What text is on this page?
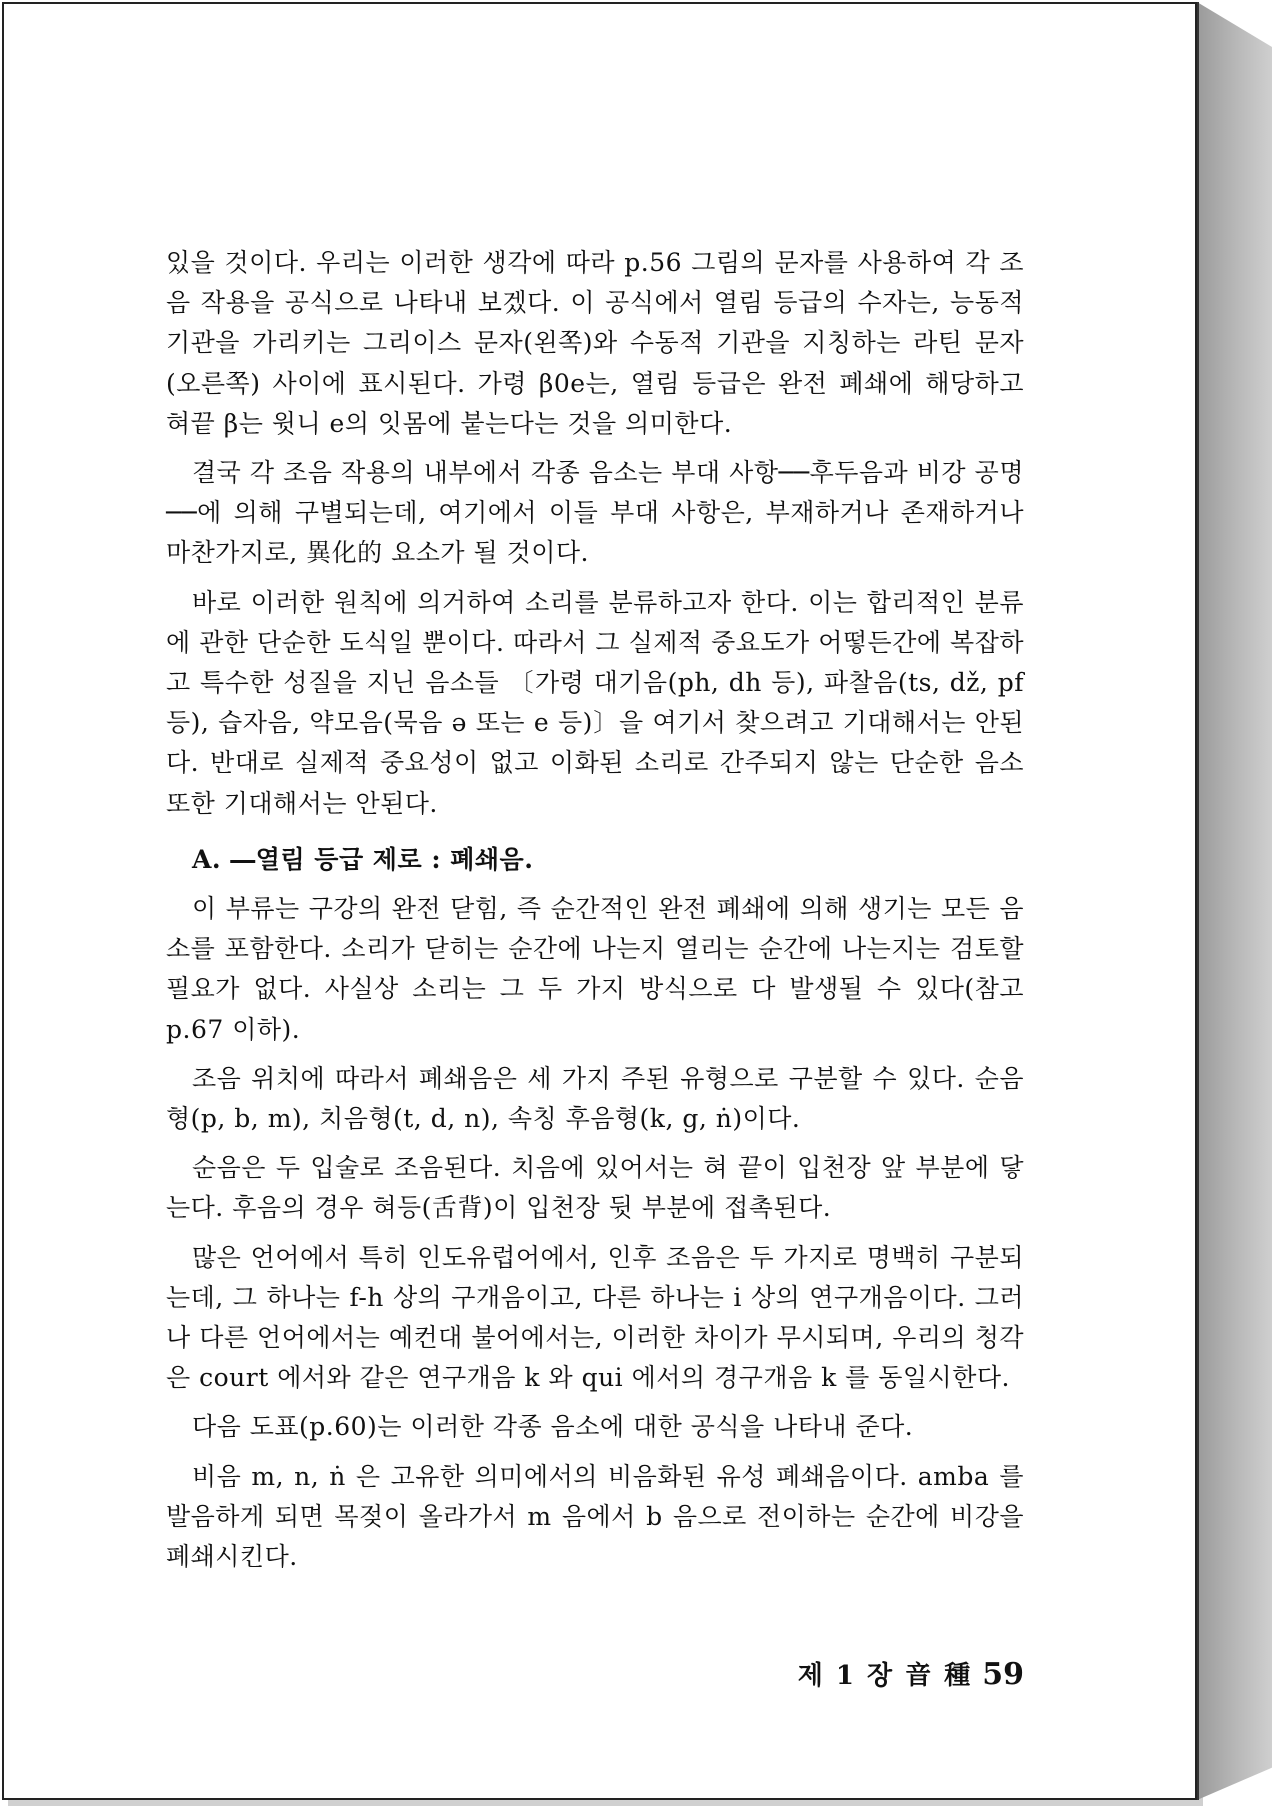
있을 것이다. 우리는 이러한 생각에 따라 p.56 그림의 문자를 사용하여 각 조음 작용을 공식으로 나타내 보겠다. 이 공식에서 열림 등급의 수자는, 능동적 기관을 가리키는 그리이스 문자(왼쪽)와 수동적 기관을 지칭하는 라틴 문자(오른쪽) 사이에 표시된다. 가령 β0e는, 열림 등급은 완전 폐쇄에 해당하고 혀끝 β는 윗니 e의 잇몸에 붙는다는 것을 의미한다.

결국 각 조음 작용의 내부에서 각종 음소는 부대 사항──후두음과 비강 공명──에 의해 구별되는데, 여기에서 이들 부대 사항은, 부재하거나 존재하거나 마찬가지로, 異化的 요소가 될 것이다.

바로 이러한 원칙에 의거하여 소리를 분류하고자 한다. 이는 합리적인 분류에 관한 단순한 도식일 뿐이다. 따라서 그 실제적 중요도가 어떻든간에 복잡하고 특수한 성질을 지닌 음소들 〔가령 대기음(ph, dh 등), 파찰음(ts, dž, pf 등), 습자음, 약모음(묵음 ə 또는 e 등)〕을 여기서 찾으려고 기대해서는 안된다. 반대로 실제적 중요성이 없고 이화된 소리로 간주되지 않는 단순한 음소 또한 기대해서는 안된다.

A. ―열림 등급 제로 : 폐쇄음.

이 부류는 구강의 완전 닫힘, 즉 순간적인 완전 폐쇄에 의해 생기는 모든 음소를 포함한다. 소리가 닫히는 순간에 나는지 열리는 순간에 나는지는 검토할 필요가 없다. 사실상 소리는 그 두 가지 방식으로 다 발생될 수 있다(참고 p.67 이하).

조음 위치에 따라서 폐쇄음은 세 가지 주된 유형으로 구분할 수 있다. 순음형(p, b, m), 치음형(t, d, n), 속칭 후음형(k, g, ṅ)이다.

순음은 두 입술로 조음된다. 치음에 있어서는 혀 끝이 입천장 앞 부분에 닿는다. 후음의 경우 혀등(舌背)이 입천장 뒷 부분에 접촉된다.

많은 언어에서 특히 인도유럽어에서, 인후 조음은 두 가지로 명백히 구분되는데, 그 하나는 f-h 상의 구개음이고, 다른 하나는 i 상의 연구개음이다. 그러나 다른 언어에서는 예컨대 불어에서는, 이러한 차이가 무시되며, 우리의 청각은 court 에서와 같은 연구개음 k 와 qui 에서의 경구개음 k 를 동일시한다.

다음 도표(p.60)는 이러한 각종 음소에 대한 공식을 나타내 준다.

비음 m, n, ṅ 은 고유한 의미에서의 비음화된 유성 폐쇄음이다. amba 를 발음하게 되면 목젖이 올라가서 m 음에서 b 음으로 전이하는 순간에 비강을 폐쇄시킨다.

제 1 장 音 種 59
